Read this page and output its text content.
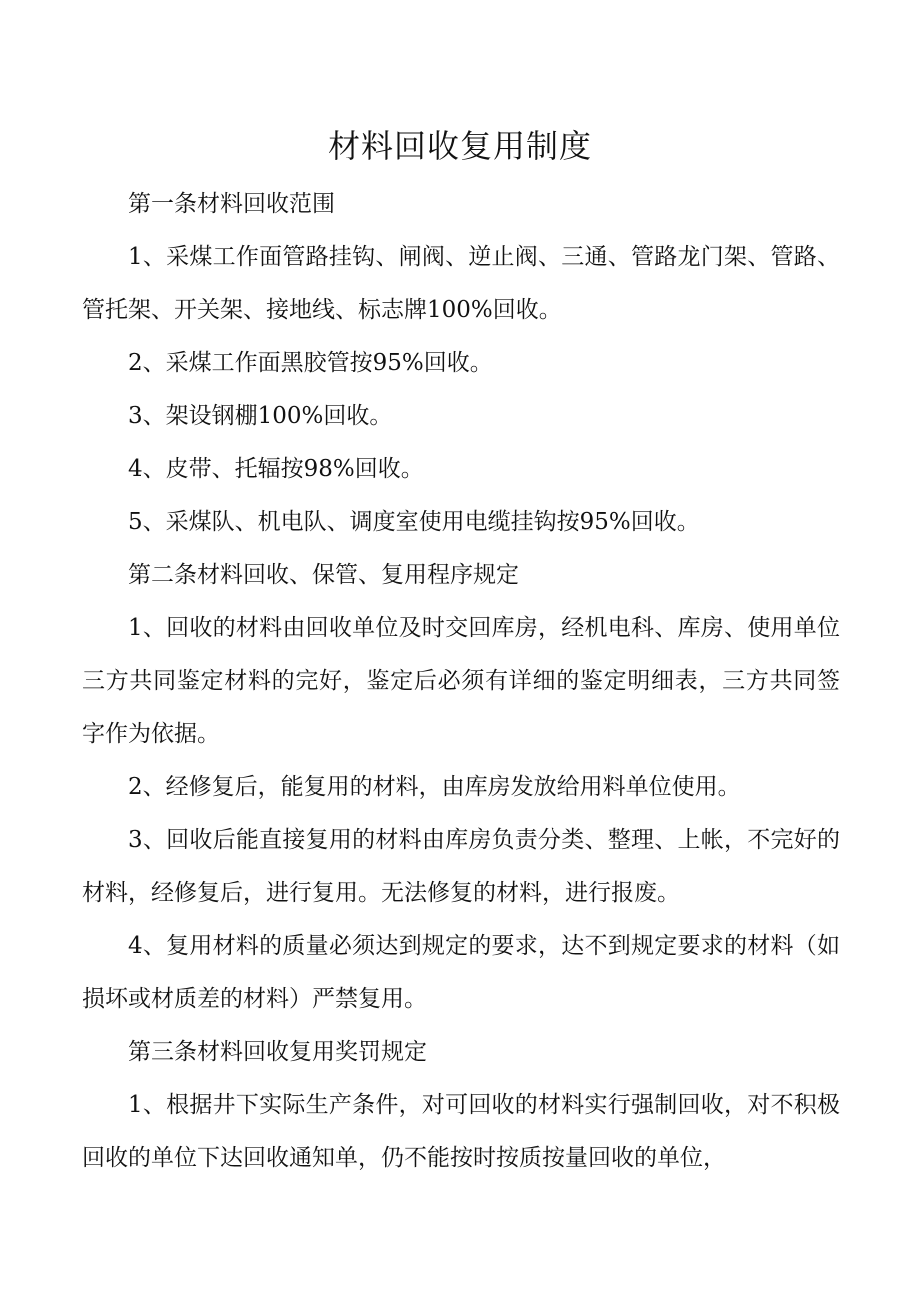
材料回收复用制度

第一条材料回收范围

1、采煤工作面管路挂钩、闸阀、逆止阀、三通、管路龙门架、管路、管托架、开关架、接地线、标志牌100%回收。

2、采煤工作面黑胶管按95%回收。

3、架设钢棚100%回收。

4、皮带、托辐按98%回收。

5、采煤队、机电队、调度室使用电缆挂钩按95%回收。

第二条材料回收、保管、复用程序规定

1、回收的材料由回收单位及时交回库房，经机电科、库房、使用单位三方共同鉴定材料的完好，鉴定后必须有详细的鉴定明细表，三方共同签字作为依据。

2、经修复后，能复用的材料，由库房发放给用料单位使用。

3、回收后能直接复用的材料由库房负责分类、整理、上帐，不完好的材料，经修复后，进行复用。无法修复的材料，进行报废。

4、复用材料的质量必须达到规定的要求，达不到规定要求的材料（如损坏或材质差的材料）严禁复用。

第三条材料回收复用奖罚规定

1、根据井下实际生产条件，对可回收的材料实行强制回收，对不积极回收的单位下达回收通知单，仍不能按时按质按量回收的单位，
